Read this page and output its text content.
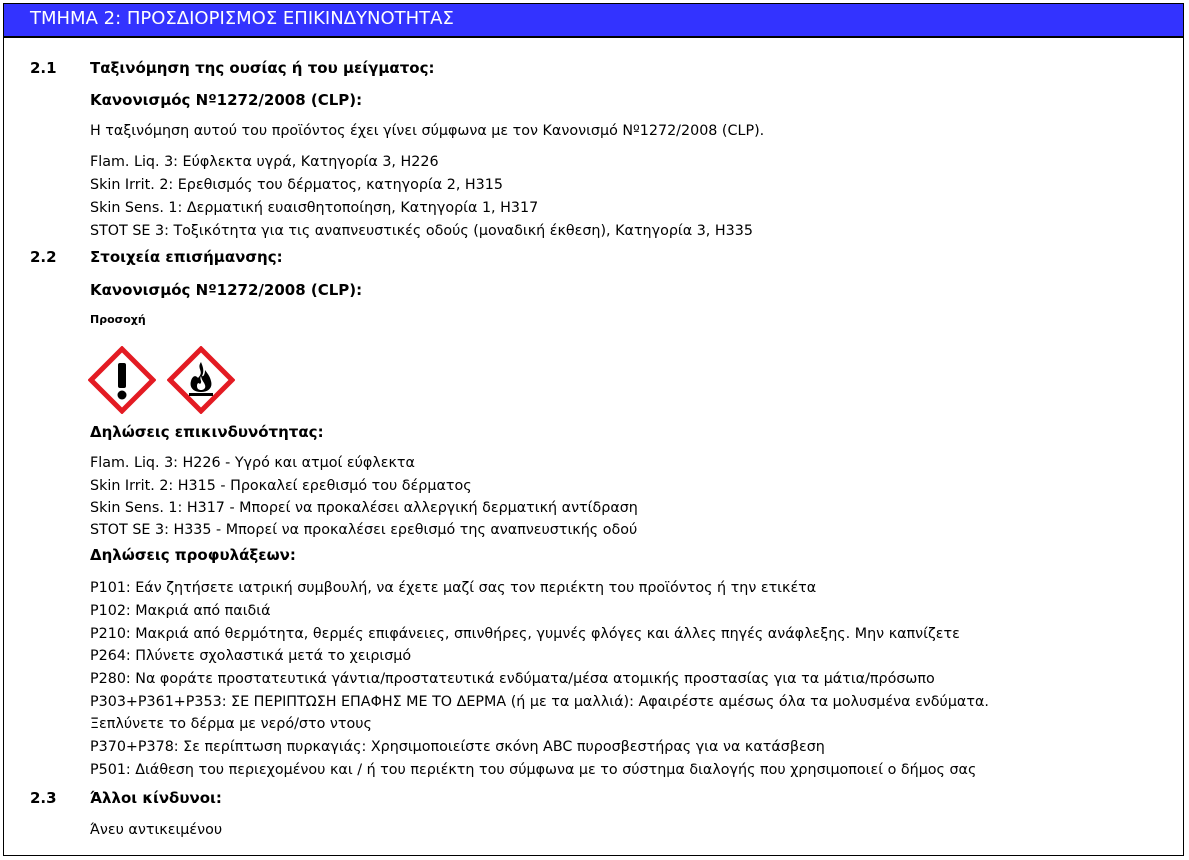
ΤΜΗΜΑ 2: ΠΡΟΣΔΙΟΡΙΣΜΟΣ ΕΠΙΚΙΝΔΥΝΟΤΗΤΑΣ
2.1 Ταξινόμηση της ουσίας ή του μείγματος:
Κανονισμός Nº1272/2008 (CLP):
Η ταξινόμηση αυτού του προϊόντος έχει γίνει σύμφωνα με τον Κανονισμό Nº1272/2008 (CLP).
Flam. Liq. 3: Εύφλεκτα υγρά, Κατηγορία 3, H226
Skin Irrit. 2: Ερεθισμός του δέρματος, κατηγορία 2, H315
Skin Sens. 1: Δερματική ευαισθητοποίηση, Κατηγορία 1, H317
STOT SE 3: Τοξικότητα για τις αναπνευστικές οδούς (μοναδική έκθεση), Κατηγορία 3, H335
2.2 Στοιχεία επισήμανσης:
Κανονισμός Nº1272/2008 (CLP):
Προσοχή
Δηλώσεις επικινδυνότητας:
Flam. Liq. 3: H226 - Υγρό και ατμοί εύφλεκτα
Skin Irrit. 2: H315 - Προκαλεί ερεθισμό του δέρματος
Skin Sens. 1: H317 - Μπορεί να προκαλέσει αλλεργική δερματική αντίδραση
STOT SE 3: H335 - Μπορεί να προκαλέσει ερεθισμό της αναπνευστικής οδού
Δηλώσεις προφυλάξεων:
P101: Εάν ζητήσετε ιατρική συμβουλή, να έχετε μαζί σας τον περιέκτη του προϊόντος ή την ετικέτα
P102: Μακριά από παιδιά
P210: Μακριά από θερμότητα, θερμές επιφάνειες, σπινθήρες, γυμνές φλόγες και άλλες πηγές ανάφλεξης. Μην καπνίζετε
P264: Πλύνετε σχολαστικά μετά το χειρισμό
P280: Να φοράτε προστατευτικά γάντια/προστατευτικά ενδύματα/μέσα ατομικής προστασίας για τα μάτια/πρόσωπο
P303+P361+P353: ΣΕ ΠΕΡΙΠΤΩΣΗ ΕΠΑΦΗΣ ΜΕ ΤΟ ΔΕΡΜΑ (ή με τα μαλλιά): Αφαιρέστε αμέσως όλα τα μολυσμένα ενδύματα.
Ξεπλύνετε το δέρμα με νερό/στο ντους
P370+P378: Σε περίπτωση πυρκαγιάς: Χρησιμοποιείστε σκόνη ABC πυροσβεστήρας για να κατάσβεση
P501: Διάθεση του περιεχομένου και / ή του περιέκτη του σύμφωνα με το σύστημα διαλογής που χρησιμοποιεί ο δήμος σας
2.3 Άλλοι κίνδυνοι:
Άνευ αντικειμένου
